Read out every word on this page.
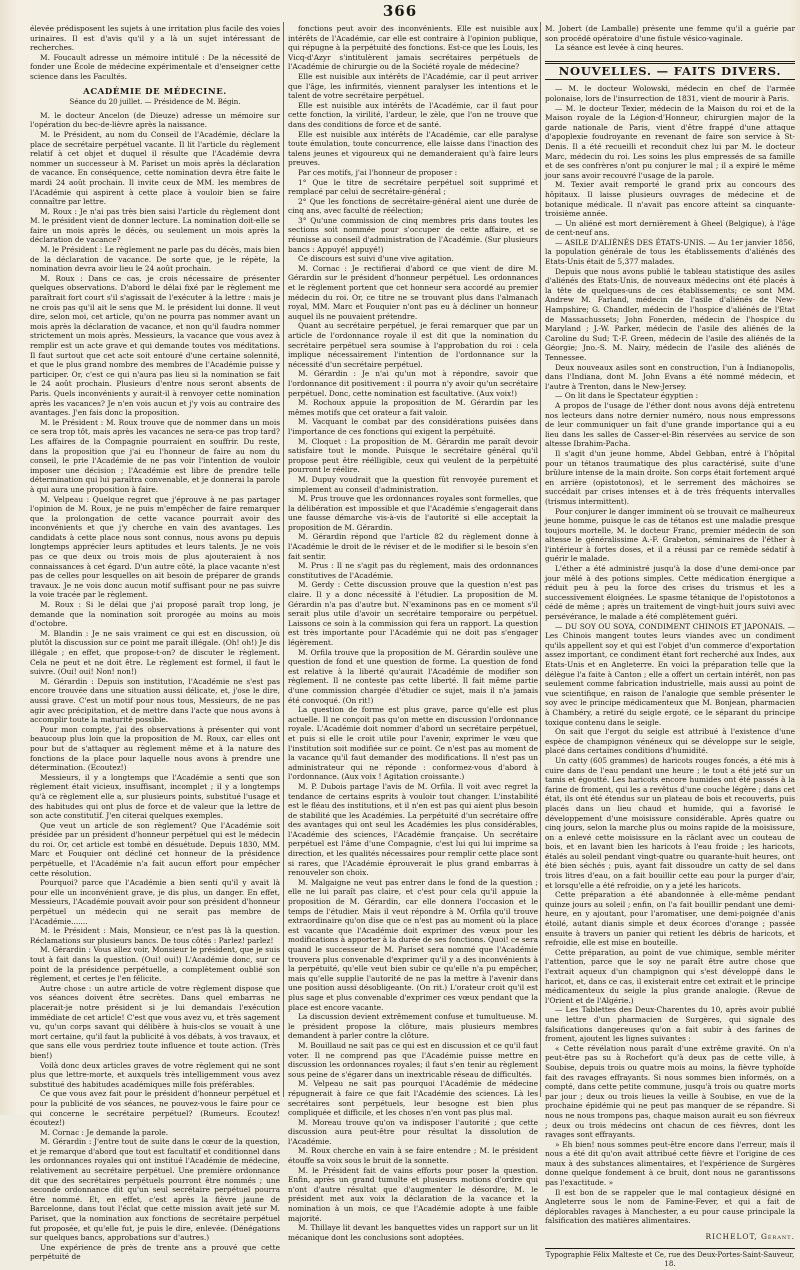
366

élevée prédisposent les sujets à une irritation plus facile des voies urinaires. Il est d'avis qu'il y a là un sujet intéressant de recherches.

M. Foucault adresse un mémoire intitulé : De la nécessité de fonder une École de médecine expérimentale et d'enseigner cette science dans les Facultés.

ACADÉMIE DE MÉDECINE.
Séance du 20 juillet. — Présidence de M. Bégin.

M. le docteur Ancelon (de Dieuze) adresse un mémoire sur l'opération du bec-de-lièvre après la naissance.

M. le Président, au nom du Conseil de l'Académie, déclare la place de secrétaire perpétuel vacante. Il lit l'article du règlement relatif à cet objet et duquel il résulte que l'Académie devra nommer un successeur à M. Pariset un mois après la déclaration de vacance. En conséquence, cette nomination devra être faite le mardi 24 août prochain. Il invite ceux de MM. les membres de l'Académie qui aspirent à cette place à vouloir bien se faire connaître par lettre.

M. Roux : Je n'ai pas très bien saisi l'article du règlement dont M. le président vient de donner lecture. La nomination doit-elle se faire un mois après le décès, ou seulement un mois après la déclaration de vacance?

M. le Président : Le règlement ne parle pas du décès, mais bien de la déclaration de vacance. De sorte que, je le répète, la nomination devra avoir lieu le 24 août prochain.

M. Roux : Dans ce cas, je crois nécessaire de présenter quelques observations. D'abord le délai fixé par le règlement me paraîtrait fort court s'il s'agissait de l'exécuter à la lettre : mais je ne crois pas qu'il ait le sens que M. le président lui donne. Il veut dire, selon moi, cet article, qu'on ne pourra pas nommer avant un mois après la déclaration de vacance, et non qu'il faudra nommer strictement un mois après. Messieurs, la vacance que vous avez à remplir est un acte grave et qui demande toutes vos méditations. Il faut surtout que cet acte soit entouré d'une certaine solennité, et que le plus grand nombre des membres de l'Académie puisse y participer. Or, c'est ce qui n'aura pas lieu si la nomination se fait le 24 août prochain. Plusieurs d'entre nous seront absents de Paris. Quels inconvénients y aurait-il à renvoyer cette nomination après les vacances? Je n'en vois aucun et j'y vois au contraire des avantages. J'en fais donc la proposition.

M. le Président : M. Roux trouve que de nommer dans un mois ce sera trop tôt, mais après les vacances ne sera-ce pas trop tard? Les affaires de la Compagnie pourraient en souffrir. Du reste, dans la proposition que j'ai eu l'honneur de faire au nom du conseil, le prie l'Académie de ne pas voir l'intention de vouloir imposer une décision ; l'Académie est libre de prendre telle détermination qui lui paraîtra convenable, et je donnerai la parole à qui aura une proposition à faire.

M. Velpeau : Quelque regret que j'éprouve à ne pas partager l'opinion de M. Roux, je ne puis m'empêcher de faire remarquer que la prolongation de cette vacance pourrait avoir des inconvénients et que j'y cherche en vain des avantages. Les candidats à cette place nous sont connus, nous avons pu depuis longtemps apprécier leurs aptitudes et leurs talents. Je ne vois pas ce que deux ou trois mois de plus ajouteraient à nos connaissances à cet égard. D'un autre côté, la place vacante n'est pas de celles pour lesquelles on ait besoin de préparer de grands travaux. Je ne vois donc aucun motif suffisant pour ne pas suivre la voie tracée par le règlement.

M. Roux : Si le délai que j'ai proposé paraît trop long, je demande que la nomination soit prorogée au moins au mois d'octobre.

M. Blandin : Je ne sais vraiment ce qui est en discussion, où plutôt la discussion sur ce point me paraît illégale. (Oh! oh!) Je dis illégale ; en effet, que propose-t-on? de discuter le règlement. Cela ne peut et ne doit être. Le règlement est formel, il faut le suivre. (Oui! oui! Non! non!)

M. Gérardin : Depuis son institution, l'Académie ne s'est pas encore trouvée dans une situation aussi délicate, et, j'ose le dire, aussi grave. C'est un motif pour nous tous, Messieurs, de ne pas agir avec précipitation, et de mettre dans l'acte que nous avons à accomplir toute la maturité possible.

Pour mon compte, j'ai des observations à présenter qui vont beaucoup plus loin que la proposition de M. Roux, car elles ont pour but de s'attaquer au règlement même et à la nature des fonctions de la place pour laquelle nous avons à prendre une détermination. (Ecoutez!)

Messieurs, il y a longtemps que l'Académie a senti que son règlement était vicieux, insuffisant, incomplet ; il y a longtemps qu'à ce règlement elle a, sur plusieurs points, substitué l'usage et des habitudes qui ont plus de force et de valeur que la lettre de son acte constitutif. J'en citerai quelques exemples.

Que veut un article de son règlement? Que l'Académie soit présidée par un président d'honneur perpétuel qui est le médecin du roi. Or, cet article est tombé en désuétude. Depuis 1830, MM. Marc et Fouquier ont décliné cet honneur de la présidence perpétuelle, et l'Académie n'a fait aucun effort pour empêcher cette résolution.

Pourquoi? parce que l'Académie a bien senti qu'il y avait là pour elle un inconvénient grave, je dis plus, un danger. En effet, Messieurs, l'Académie pouvait avoir pour son président d'honneur perpétuel un médecin qui ne serait pas membre de l'Académie.......

M. le Président : Mais, Monsieur, ce n'est pas là la question. Réclamations sur plusieurs bancs. De tous côtés : Parlez! parlez!

M. Gérardin : Vous allez voir, Monsieur le président, que je suis tout à fait dans la question. (Oui! oui!) L'Académie donc, sur ce point de la présidence perpétuelle, a complètement oublié son règlement, et certes je l'en félicite.

Autre chose : un autre article de votre règlement dispose que vos séances doivent être secrètes. Dans quel embarras ne placerait-je notre président si je lui demandais l'exécution immédiate de cet article! C'est que vous avez vu, et très sagement vu, qu'un corps savant qui délibère à huis-clos se vouait à une mort certaine, qu'il faut la publicité à vos débats, à vos travaux, et que sans elle vous perdriez toute influence et toute action. (Très bien!)

Voilà donc deux articles graves de votre règlement qui ne sont plus que lettre-morte, et auxquels très intelligemment vous avez substitué des habitudes académiques mille fois préférables.

Ce que vous avez fait pour le président d'honneur perpétuel et pour la publicité de vos séances, ne pouvez-vous le faire pour ce qui concerne le secrétaire perpétuel? (Rumeurs. Ecoutez! écoutez!)

M. Cornac : Je demande la parole.

M. Gérardin : J'entre tout de suite dans le cœur de la question, et je remarque d'abord que tout est facultatif et conditionnel dans les ordonnances royales qui ont institué l'Académie de médecine, relativement au secrétaire perpétuel. Une première ordonnance dit que des secrétaires perpétuels pourront être nommés ; une seconde ordonnance dit qu'un seul secrétaire perpétuel pourra être nommé. Et, en effet, c'est après la fièvre jaune de Barcelonne, dans tout l'éclat que cette mission avait jeté sur M. Pariset, que la nomination aux fonctions de secrétaire perpétuel fut proposée, et qu'elle fut, je puis le dire, enlevée. (Dénégations sur quelques bancs, approbations sur d'autres.)

Une expérience de près de trente ans a prouvé que cette perpétuité de

fonctions peut avoir des inconvénients. Elle est nuisible aux intérêts de l'Académie, car elle est contraire à l'opinion publique, qui répugne à la perpétuité des fonctions. Est-ce que les Louis, les Vicq-d'Azyr s'intitulèrent jamais secrétaires perpétuels de l'Académie de chirurgie ou de la Société royale de médecine?

Elle est nuisible aux intérêts de l'Académie, car il peut arriver que l'âge, les infirmités, viennent paralyser les intentions et le talent de votre secrétaire perpétuel.

Elle est nuisible aux intérêts de l'Académie, car il faut pour cette fonction, la virilité, l'ardeur, le zèle, que l'on ne trouve que dans des conditions de force et de santé.

Elle est nuisible aux intérêts de l'Académie, car elle paralyse toute émulation, toute concurrence, elle laisse dans l'inaction des talens jeunes et vigoureux qui ne demanderaient qu'à faire leurs preuves.

Par ces motifs, j'ai l'honneur de proposer :

1° Que le titre de secrétaire perpétuel soit supprimé et remplacé par celui de secrétaire-général ;

2° Que les fonctions de secrétaire-général aient une durée de cinq ans, avec faculté de réélection;

3° Qu'une commission de cinq membres pris dans toutes les sections soit nommée pour s'occuper de cette affaire, et se réunisse au conseil d'administration de l'Académie. (Sur plusieurs bancs : Appuyé! appuyé!)

Ce discours est suivi d'une vive agitation.

M. Cornac : Je rectifierai d'abord ce que vient de dire M. Gérardin sur le président d'honneur perpétuel. Les ordonnances et le règlement portent que cet honneur sera accordé au premier médecin du roi. Or, ce titre ne se trouvant plus dans l'almanach royal, MM. Marc et Fouquier n'ont pas eu à décliner un honneur auquel ils ne pouvaient prétendre.

Quant au secrétaire perpétuel, je ferai remarquer que par un article de l'ordonnance royale il est dit que la nomination du secrétaire perpétuel sera soumise à l'approbation du roi : cela implique nécessairement l'intention de l'ordonnance sur la nécessité d'un secrétaire perpétuel.

M. Gérardin : Je n'ai qu'un mot à répondre, savoir que l'ordonnance dit positivement : il pourra n'y avoir qu'un secrétaire perpétuel. Donc, cette nomination est facultative. (Aux voix!)

M. Rochoux appuie la proposition de M. Gérardin par les mêmes motifs que cet orateur a fait valoir.

M. Vacquant le combat par des considérations puisées dans l'importance de ces fonctions qui exigent la perpétuité.

M. Cloquet : La proposition de M. Gérardin me paraît devoir satisfaire tout le monde. Puisque le secrétaire général qu'il propose peut être réélligible, ceux qui veulent de la perpétuité pourront le réélire.

M. Dupuy voudrait que la question fût renvoyée purement et simplement au conseil d'administration.

M. Prus trouve que les ordonnances royales sont formelles, que la délibération est impossible et que l'Académie s'engagerait dans une fausse démarche vis-à-vis de l'autorité si elle acceptait la proposition de M. Gérardin.

M. Gérardin répond que l'article 82 du règlement donne à l'Académie le droit de le réviser et de le modifier si le besoin s'en fait sentir.

M. Prus : Il ne s'agit pas du règlement, mais des ordonnances constitutives de l'Académie.

M. Gerdy : Cette discussion prouve que la question n'est pas claire. Il y a donc nécessité à l'étudier. La proposition de M. Gérardin n'a pas d'autre but. N'examinons pas en ce moment s'il serait plus utile d'avoir un secrétaire temporaire ou perpétuel. Laissons ce soin à la commission qui fera un rapport. La question est très importante pour l'Académie qui ne doit pas s'engager légèrement.

M. Orfila trouve que la proposition de M. Gérardin soulève une question de fond et une question de forme. La question de fond est relative à la liberté qu'aurait l'Académie de modifier son règlement. Il ne conteste pas cette liberté. Il fait même partie d'une commission chargée d'étudier ce sujet, mais il n'a jamais été convoqué. (On rit!)

La question de forme est plus grave, parce qu'elle est plus actuelle. Il ne conçoit pas qu'on mette en discussion l'ordonnance royale. L'Académie doit nommer d'abord un secrétaire perpétuel, et puis si elle le croit utile pour l'avenir, exprimer le vœu que l'institution soit modifiée sur ce point. Ce n'est pas au moment de la vacance qu'il faut demander des modifications. Il n'est pas un administrateur qui ne réponde : conformez-vous d'abord à l'ordonnance. (Aux voix ! Agitation croissante.)

M. P. Dubois partage l'avis de M. Orfila. Il voit avec regret la tendance de certains esprits à vouloir tout changer. L'instabilité est le fléau des institutions, et il n'en est pas qui aient plus besoin de stabilité que les Académies. La perpétuité d'un secrétaire offre des avantages qui ont seul les Académies les plus considérables, l'Académie des sciences, l'Académie française. Un secrétaire perpétuel est l'âme d'une Compagnie, c'est lui qui lui imprime sa direction, et les qualités nécessaires pour remplir cette place sont si rares, que l'Académie éprouverait le plus grand embarras à renouveler son choix.

M. Malgaigne ne veut pas entrer dans le fond de la question ; elle ne lui paraît pas claire, et c'est pour cela qu'il appuie la proposition de M. Gérardin, car elle donnera l'occasion et le temps de l'étudier. Mais il veut répondre à M. Orfila qu'il trouve extraordinaire qu'on dise que ce n'est pas au moment où la place est vacante que l'Académie doit exprimer des vœux pour les modifications à apporter à la durée de ses fonctions. Quoi! ce sera quand le successeur de M. Pariset sera nommé que l'Académie trouvera plus convenable d'exprimer qu'il y a des inconvénients à la perpétuité, qu'elle veut bien subir ce qu'elle n'a pu empêcher, mais qu'elle supplie l'autorité de ne pas la mettre à l'avenir dans une position aussi désobligeante. (On rit.) L'orateur croit qu'il est plus sage et plus convenable d'exprimer ces vœux pendant que la place est encore vacante.

La discussion devient extrêmement confuse et tumultueuse. M. le président propose la clôture, mais plusieurs membres demandent à parler contre la clôture.

M. Bouillaud ne sait pas ce qui est en discussion et ce qu'il faut voter. Il ne comprend pas que l'Académie puisse mettre en discussion les ordonnances royales; il faut s'en tenir au règlement sous peine de s'égarer dans un inextricable réseau de difficultés.

M. Velpeau ne sait pas pourquoi l'Académie de médecine répugnerait à faire ce que fait l'Académie des sciences. Là les secrétaires sont perpétuels, leur besogne est bien plus compliquée et difficile, et les choses n'en vont pas plus mal.

M. Moreau trouve qu'on va indisposer l'autorité ; que cette discussion aura peut-être pour résultat la dissolution de l'Académie.

M. Roux cherche en vain à se faire entendre ; M. le président étouffe sa voix sous le bruit de la sonnette.

M. le Président fait de vains efforts pour poser la question. Enfin, après un grand tumulte et plusieurs motions d'ordre qui n'ont d'autre résultat que d'augmenter le désordre, M. le président met aux voix la déclaration de la vacance et la nomination à un mois, ce que l'Académie adopte à une faible majorité.

M. Thillaye lit devant les banquettes vides un rapport sur un lit mécanique dont les conclusions sont adoptées.

M. Jobert (de Lamballe) présente une femme qu'il a guérie par son procédé opératoire d'une fistule vésico-vaginale.

La séance est levée à cinq heures.

NOUVELLES. — FAITS DIVERS.

— M. le docteur Wolowski, médecin en chef de l'armée polonaise, lors de l'insurrection de 1831, vient de mourir à Paris.

— M. le docteur Texier, médecin de la Maison du roi et de la Maison royale de la Légion-d'Honneur, chirurgien major de la garde nationale de Paris, vient d'être frappé d'une attaque d'apoplexie foudroyante en revenant de faire son service à St-Denis. Il a été recueilli et reconduit chez lui par M. le docteur Marc, médecin du roi. Les soins les plus empressés de sa famille et de ses confrères n'ont pu conjurer le mal ; il a expiré le même jour sans avoir recouvré l'usage de la parole.

M. Texier avait remporté le grand prix au concours des hôpitaux. Il laisse plusieurs ouvrages de médecine et de botanique médicale. Il n'avait pas encore atteint sa cinquante-troisième année.

— Un aliéné est mort dernièrement à Gheel (Belgique), à l'âge de cent-neuf ans.

— ASILE D'ALIÉNÉS DES ÉTATS-UNIS. — Au 1er janvier 1856, la population générale de tous les établissements d'aliénés des Etats-Unis était de 5,377 malades.

Depuis que nous avons publié le tableau statistique des asiles d'aliénés des Etats-Unis, de nouveaux médecins ont été placés à la tête de quelques-uns de ces établissements; ce sont MM. Andrew M. Farland, médecin de l'asile d'aliénés de New-Hampshire; G. Chandler, médecin de l'hospice d'aliénés de l'Etat de Massachussets; John Fonerden, médecin de l'hospice du Maryland ; J.-W. Parker, médecin de l'asile des aliénés de la Caroline du Sud; T.-F. Green, médecin de l'asile des aliénés de la Géorgie; Jno.-S. M. Nairy, médecin de l'asile des aliénés de Tennessee.

Deux nouveaux asiles sont en construction, l'un à Indianopolis, dans l'Indiana, dont M. John Evans a été nommé médecin, et l'autre à Trenton, dans le New-Jersey.

— On lit dans le Spectateur égyptien :

A propos de l'usage de l'éther dont nous avons déjà entretenu nos lecteurs dans notre dernier numéro, nous nous empressons de leur communiquer un fait d'une grande importance qui a eu lieu dans les salles de Casser-el-Bin réservées au service de son altesse Ibrahim-Pacha.

Il s'agit d'un jeune homme, Abdel Gebban, entré à l'hôpital pour un tétanos traumatique des plus caractérisé, suite d'une brûlure intense de la main droite. Son corps était fortement arqué en arrière (opistotonos), et le serrement des mâchoires se succédait par crises intenses et à de très fréquents intervalles (trismus intermittent).

Pour conjurer le danger imminent où se trouvait ce malheureux jeune homme, puisque le cas de tétanos est une maladie presque toujours mortelle, M. le docteur Franc, premier médecin de son altesse le généralissime A.-F. Grabeton, séminaires de l'éther à l'intérieur à fortes doses, et il a réussi par ce remède sédatif à guérir le malade.

L'éther a été administré jusqu'à la dose d'une demi-once par jour mêlé à des potions simples. Cette médication énergique a réduit peu à peu la force des crises du trismus et les a successivement éloignées. Le spasme tétanique de l'opistotonos a cédé de même ; après un traitement de vingt-huit jours suivi avec persévérance, le malade a été complètement guéri.

— DU SOY OU SOYA, CONDIMENT CHINOIS ET JAPONAIS. — Les Chinois mangent toutes leurs viandes avec un condiment qu'ils appellent soy et qui est l'objet d'un commerce d'exportation assez important, ce condiment étant fort recherché aux Indes, aux Etats-Unis et en Angleterre. En voici la préparation telle que la délègue l'a faite à Canton ; elle a offert un certain intérêt, non pas seulement comme fabrication industrielle, mais aussi au point de vue scientifique, en raison de l'analogie que semble présenter le soy avec le principe médicamenteux que M. Bonjean, pharmacien à Chambéry, a retiré du seigle ergoté, ce le séparant du principe toxique contenu dans le seigle.

On sait que l'ergot du seigle est attribué à l'existence d'une espèce de champignon vénéneux qui se développe sur le seigle, placé dans certaines conditions d'humidité.

Un catty (605 grammes) de haricots rouges foncés, a été mis à cuire dans de l'eau pendant une heure ; le tout a été jeté sur un tamis et égoutté. Les haricots encore humides ont été passés à la farine de froment, qui les a revêtus d'une couche légère ; dans cet état, ils ont été étendus sur un plateau de bois et recouverts, puis placés dans un lieu chaud et humide, qui a favorisé le développement d'une moisissure considérable. Après quatre ou cinq jours, selon la marche plus ou moins rapide de la moisissure, on a enlevé cette moisissure en la râclant avec un couteau de bois, et en lavant bien les haricots à l'eau froide ; les haricots, étalés au soleil pendant vingt-quatre ou quarante-huit heures, ont été bien séchés ; puis, ayant fait dissoudre un catty de sel dans trois litres d'eau, on a fait bouillir cette eau pour la purger d'air, et lorsqu'elle a été refroidie, on y a jeté les haricots.

Cette préparation a été abandonnée à elle-même pendant quinze jours au soleil ; enfin, on l'a fait bouillir pendant une demi-heure, en y ajoutant, pour l'aromatiser, une demi-poignée d'anis étoilé, autant dianis simple et deux écorces d'orange ; passée ensuite à travers un panier qui retient les débris de haricots, et refroidie, elle est mise en bouteille.

Cette préparation, au point de vue chimique, semble mériter l'attention, parce que le soy ne paraît être autre chose que l'extrait aqueux d'un champignon qui s'est développé dans le haricot, et, dans ce cas, il existerait entre cet extrait et le principe médicamenteux du seigle la plus grande analogie. (Revue de l'Orient et de l'Algérie.)

— Les Tablettes des Deux-Charentes du 10, après avoir publié une lettre d'un pharmacien de Surgères, qui signale des falsifications dangereuses qu'on a fait subir à des farines de froment, ajoutent les lignes suivantes :

« Cette révélation nous paraît d'une extrême gravité. On n'a peut-être pas su à Rochefort qu'à deux pas de cette ville, à Soubise, depuis trois ou quatre mois au moins, la fièvre typhoïde fait des ravages effrayants. Si nous sommes bien informés, on a compté, dans cette petite commune, jusqu'à trois ou quatre morts par jour ; deux ou trois lieues la veille à Soubise, en vue de la prochaine épidémie qui ne peut pas manquer de se répandre. Si nous ne nous trompons pas, chaque maison aurait eu son fiévreux ; deux ou trois médecins ont chacun de ces fièvres, dont les ravages sont effrayants.

» Eh bien! nous sommes peut-être encore dans l'erreur, mais il nous a été dit qu'on avait attribué cette fièvre et l'origine de ces maux à des substances alimentaires, et l'expérience de Surgères donne quelque fondement à ce bruit, dont nous ne garantissons pas l'exactitude. »

Il est bon de se rappeler que le mal contagieux désigné en Angleterre sous le nom de Famine-Fever, et qui a fait de déplorables ravages à Manchester, a eu pour cause principale la falsification des matières alimentaires.

RICHELOT, Gérant.
Typographie Félix Malteste et Ce, rue des Deux-Portes-Saint-Sauveur, 18.
